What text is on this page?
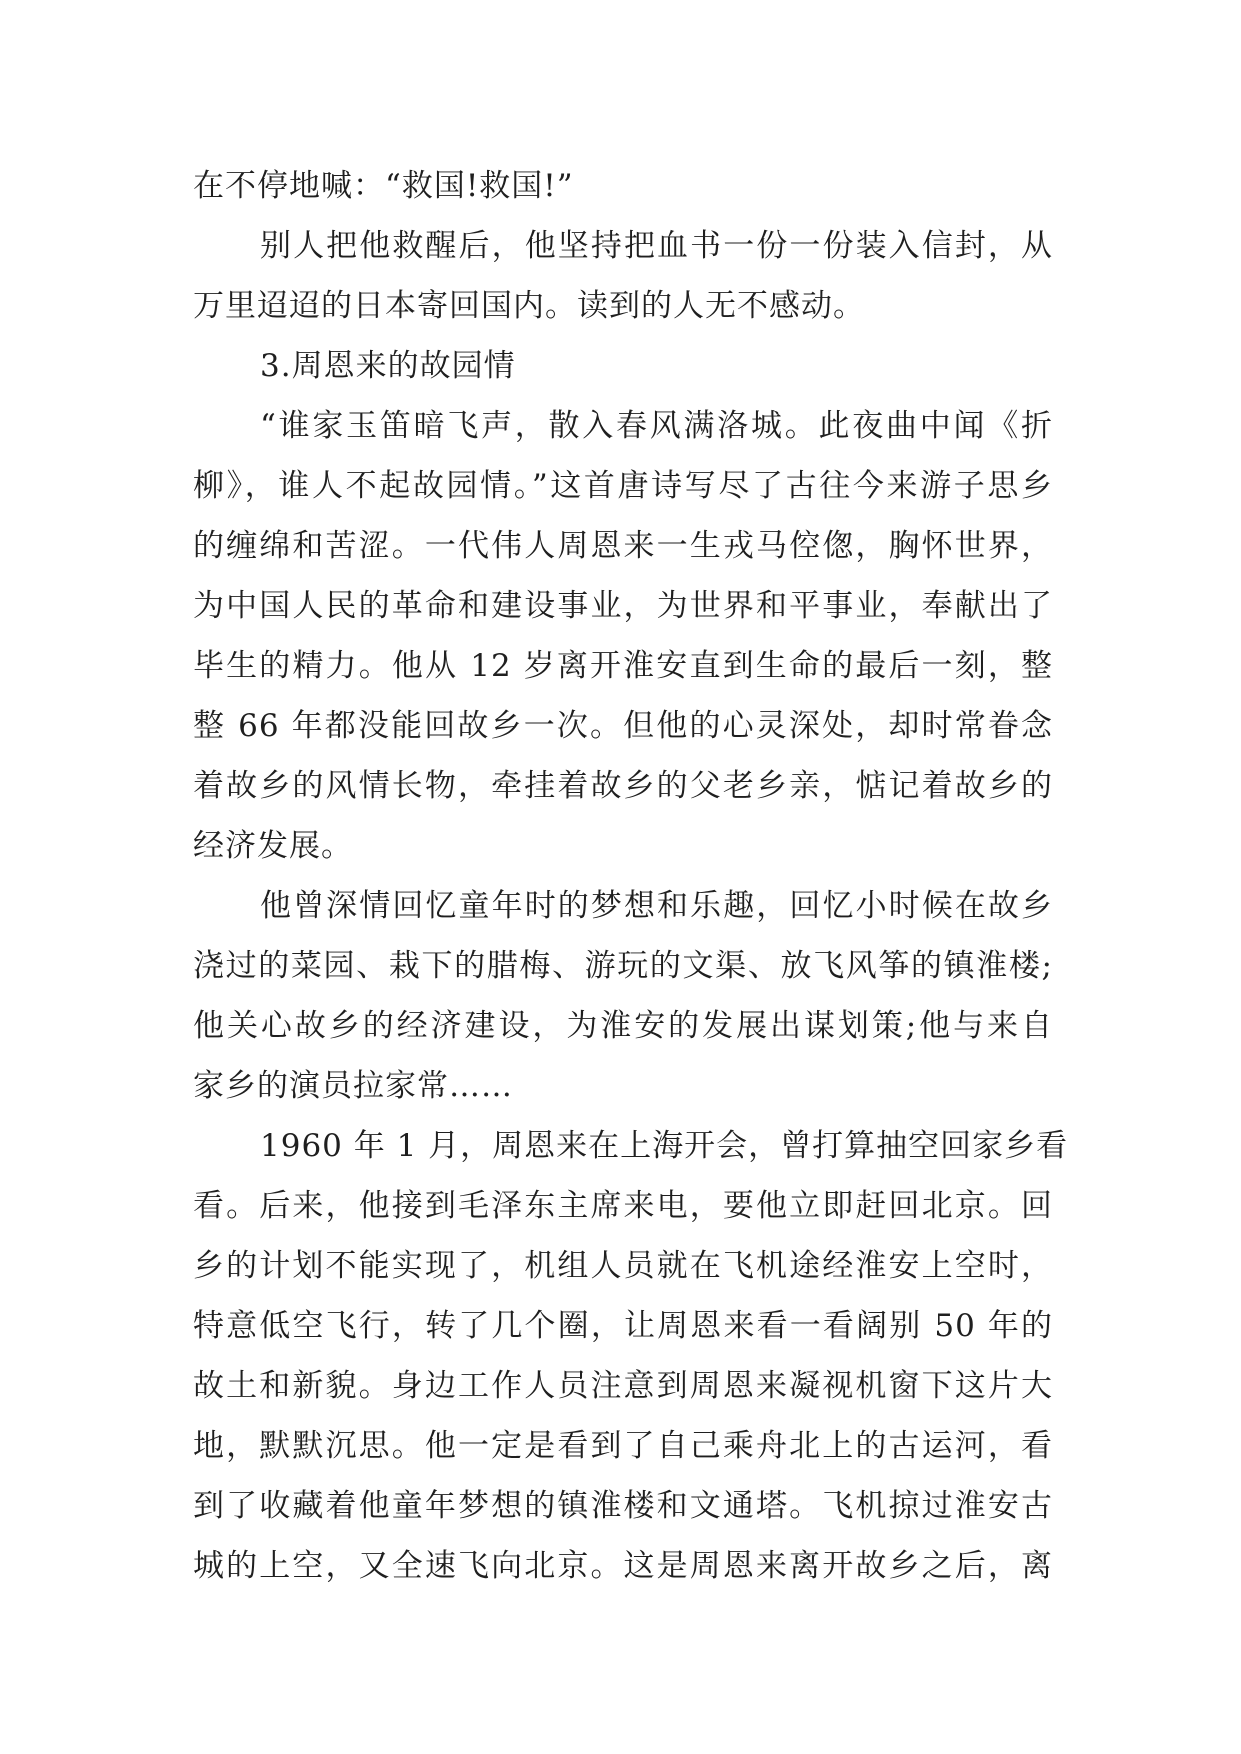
在不停地喊：“救国!救国!”
别人把他救醒后，他坚持把血书一份一份装入信封，从
万里迢迢的日本寄回国内。读到的人无不感动。
3.周恩来的故园情
“谁家玉笛暗飞声，散入春风满洛城。此夜曲中闻《折
柳》，谁人不起故园情。”这首唐诗写尽了古往今来游子思乡
的缠绵和苦涩。一代伟人周恩来一生戎马倥偬，胸怀世界，
为中国人民的革命和建设事业，为世界和平事业，奉献出了
毕生的精力。他从 12 岁离开淮安直到生命的最后一刻，整
整 66 年都没能回故乡一次。但他的心灵深处，却时常眷念
着故乡的风情长物，牵挂着故乡的父老乡亲，惦记着故乡的
经济发展。
他曾深情回忆童年时的梦想和乐趣，回忆小时候在故乡
浇过的菜园、栽下的腊梅、游玩的文渠、放飞风筝的镇淮楼;
他关心故乡的经济建设，为淮安的发展出谋划策;他与来自
家乡的演员拉家常……
1960 年 1 月，周恩来在上海开会，曾打算抽空回家乡看
看。后来，他接到毛泽东主席来电，要他立即赶回北京。回
乡的计划不能实现了，机组人员就在飞机途经淮安上空时，
特意低空飞行，转了几个圈，让周恩来看一看阔别 50 年的
故土和新貌。身边工作人员注意到周恩来凝视机窗下这片大
地，默默沉思。他一定是看到了自己乘舟北上的古运河，看
到了收藏着他童年梦想的镇淮楼和文通塔。飞机掠过淮安古
城的上空，又全速飞向北京。这是周恩来离开故乡之后，离
